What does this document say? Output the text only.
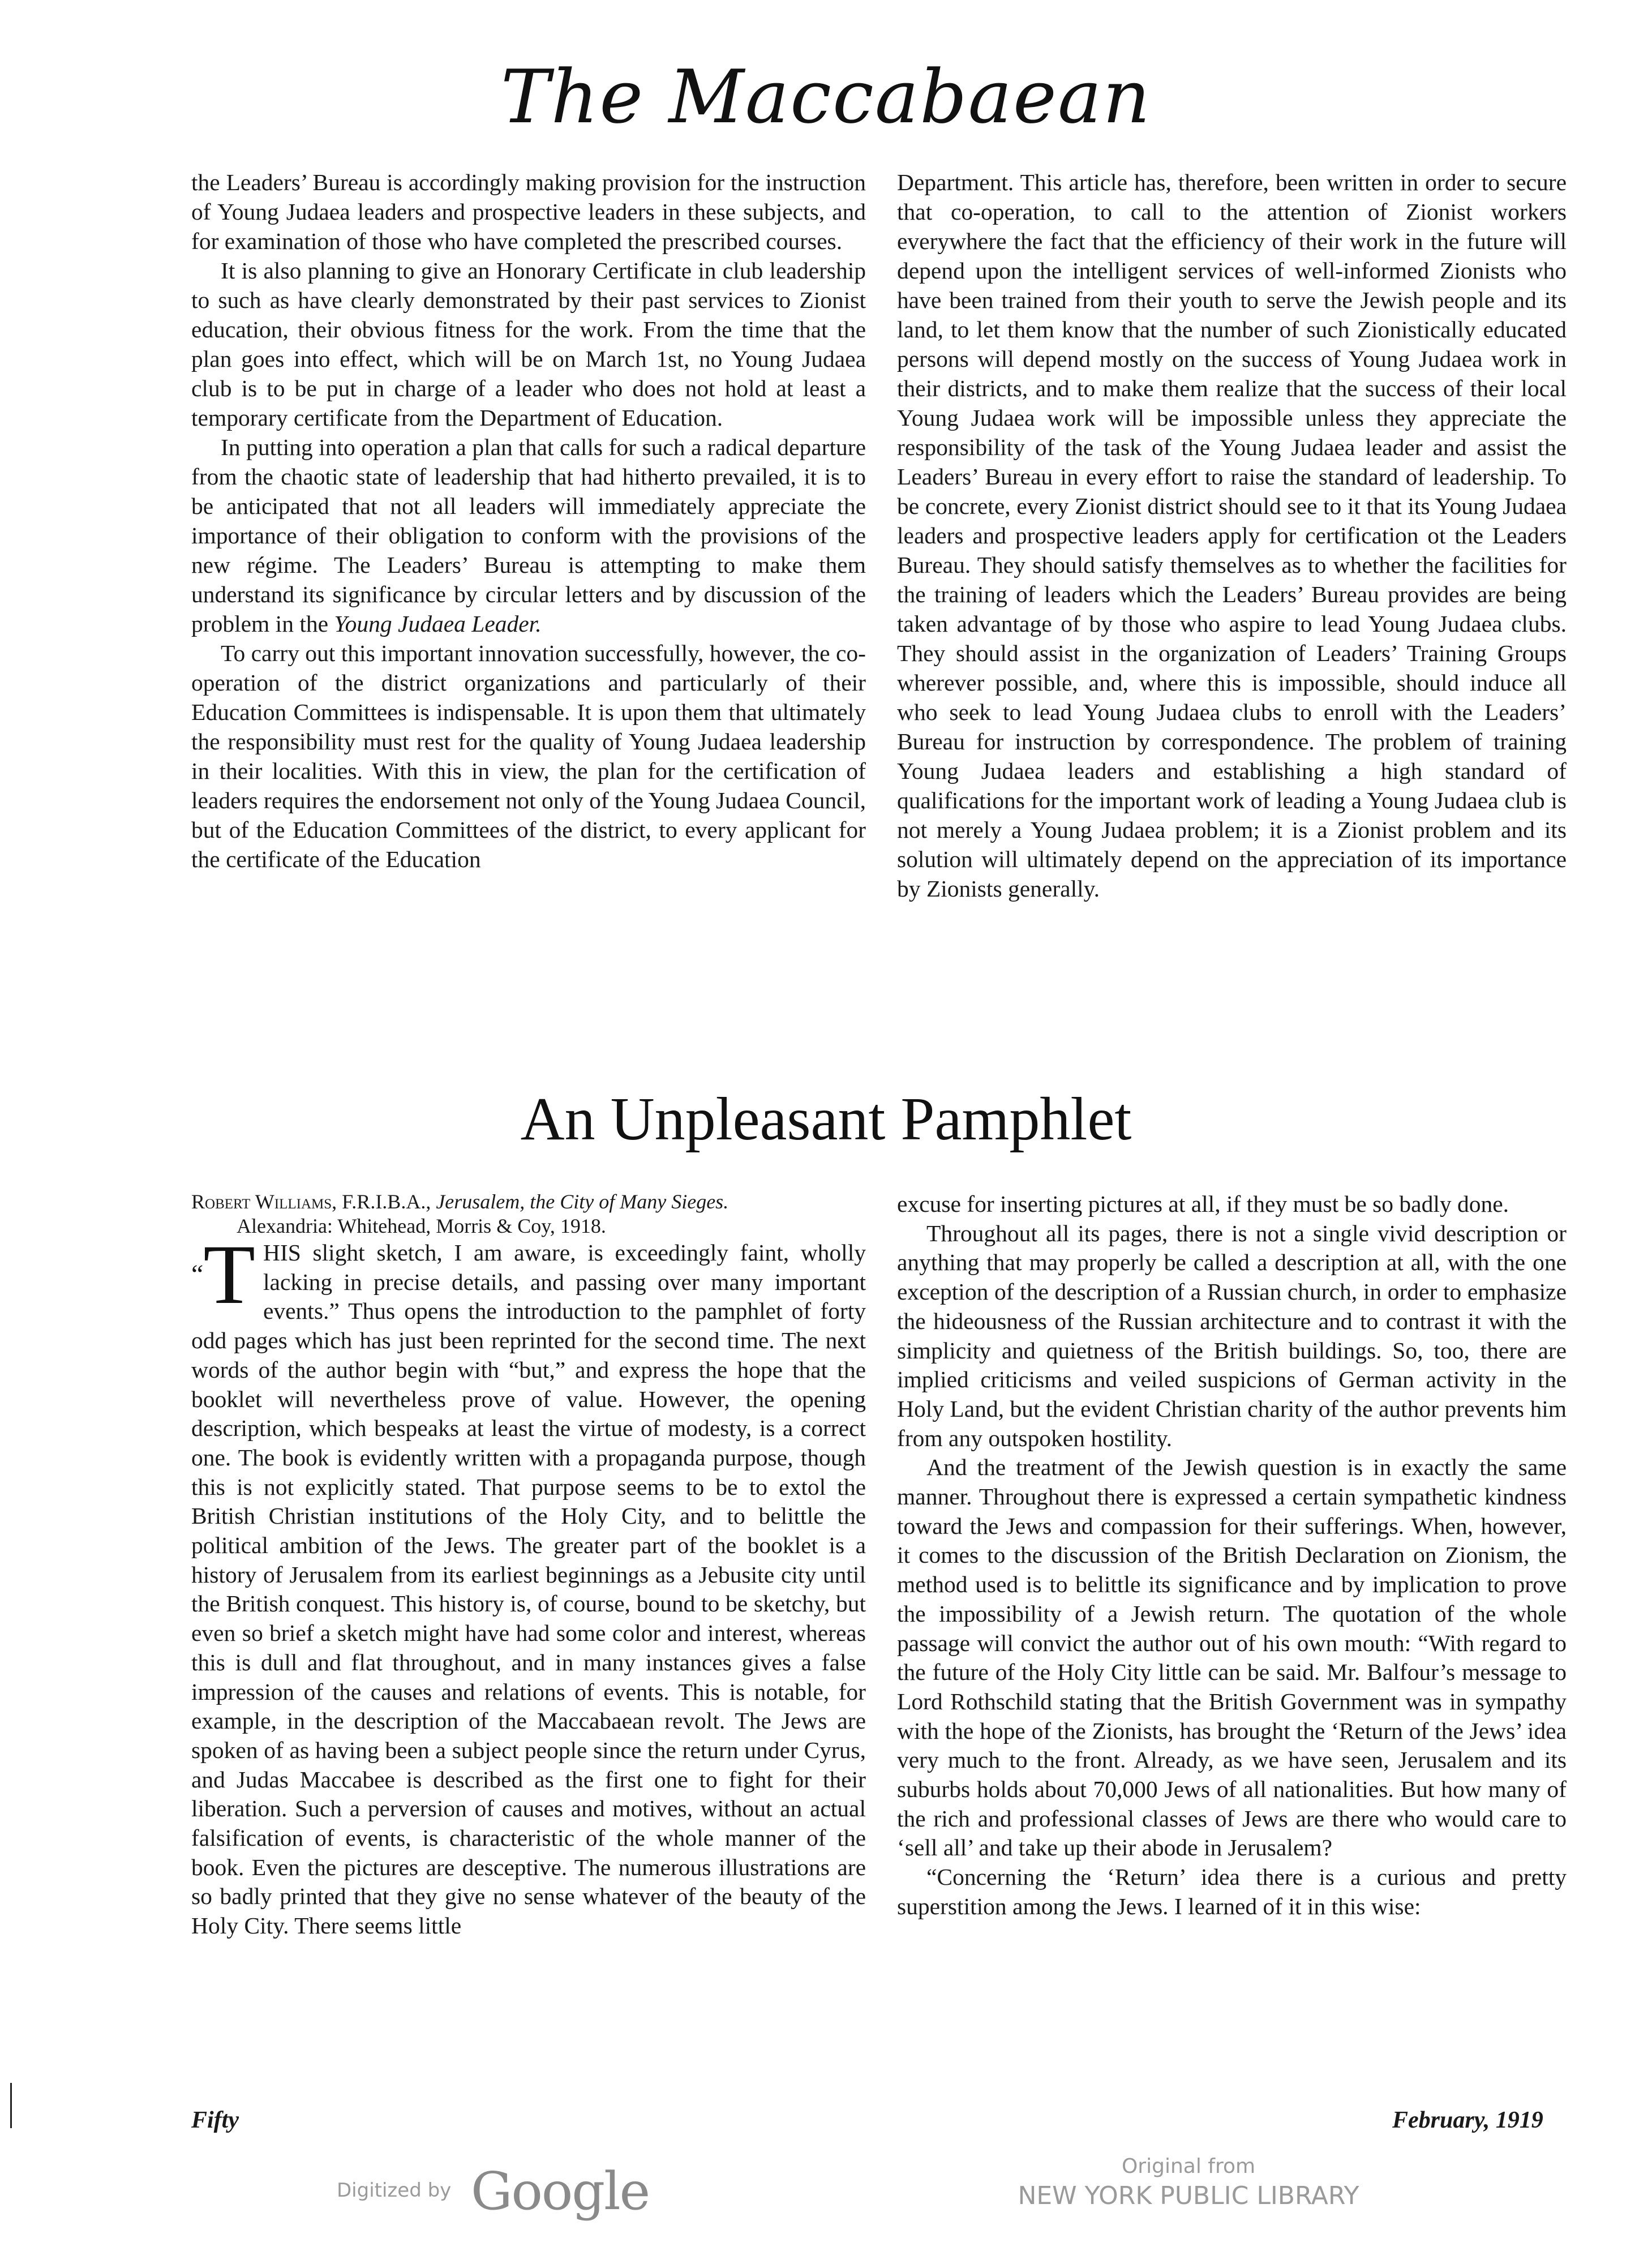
The Maccabaean

the Leaders’ Bureau is accordingly making provision for the instruction of Young Judaea leaders and prospective leaders in these subjects, and for examination of those who have completed the prescribed courses.

It is also planning to give an Honorary Certificate in club leadership to such as have clearly demonstrated by their past services to Zionist education, their obvious fitness for the work. From the time that the plan goes into effect, which will be on March 1st, no Young Judaea club is to be put in charge of a leader who does not hold at least a temporary certificate from the Department of Education.

In putting into operation a plan that calls for such a radical departure from the chaotic state of leadership that had hitherto prevailed, it is to be anticipated that not all leaders will immediately appreciate the importance of their obligation to conform with the provisions of the new régime. The Leaders’ Bureau is attempting to make them understand its significance by circular letters and by discussion of the problem in the Young Judaea Leader.

To carry out this important innovation successfully, however, the co-operation of the district organizations and particularly of their Education Committees is indispensable. It is upon them that ultimately the responsibility must rest for the quality of Young Judaea leadership in their localities. With this in view, the plan for the certification of leaders requires the endorsement not only of the Young Judaea Council, but of the Education Committees of the district, to every applicant for the certificate of the Education

Department. This article has, therefore, been written in order to secure that co-operation, to call to the attention of Zionist workers everywhere the fact that the efficiency of their work in the future will depend upon the intelligent services of well-informed Zionists who have been trained from their youth to serve the Jewish people and its land, to let them know that the number of such Zionistically educated persons will depend mostly on the success of Young Judaea work in their districts, and to make them realize that the success of their local Young Judaea work will be impossible unless they appreciate the responsibility of the task of the Young Judaea leader and assist the Leaders’ Bureau in every effort to raise the standard of leadership. To be concrete, every Zionist district should see to it that its Young Judaea leaders and prospective leaders apply for certification ot the Leaders Bureau. They should satisfy themselves as to whether the facilities for the training of leaders which the Leaders’ Bureau provides are being taken advantage of by those who aspire to lead Young Judaea clubs. They should assist in the organization of Leaders’ Training Groups wherever possible, and, where this is impossible, should induce all who seek to lead Young Judaea clubs to enroll with the Leaders’ Bureau for instruction by correspondence. The problem of training Young Judaea leaders and establishing a high standard of qualifications for the important work of leading a Young Judaea club is not merely a Young Judaea problem; it is a Zionist problem and its solution will ultimately depend on the appreciation of its importance by Zionists generally.

An Unpleasant Pamphlet
Robert Williams, F.R.I.B.A., Jerusalem, the City of Many Sieges.
Alexandria: Whitehead, Morris & Coy, 1918.

“T HIS slight sketch, I am aware, is exceedingly faint, wholly lacking in precise details, and passing over many important events.” Thus opens the introduction to the pamphlet of forty odd pages which has just been reprinted for the second time. The next words of the author begin with “but,” and express the hope that the booklet will nevertheless prove of value. However, the opening description, which bespeaks at least the virtue of modesty, is a correct one. The book is evidently written with a propaganda purpose, though this is not explicitly stated. That purpose seems to be to extol the British Christian institutions of the Holy City, and to belittle the political ambition of the Jews. The greater part of the booklet is a history of Jerusalem from its earliest beginnings as a Jebusite city until the British conquest. This history is, of course, bound to be sketchy, but even so brief a sketch might have had some color and interest, whereas this is dull and flat throughout, and in many instances gives a false impression of the causes and relations of events. This is notable, for example, in the description of the Maccabaean revolt. The Jews are spoken of as having been a subject people since the return under Cyrus, and Judas Maccabee is described as the first one to fight for their liberation. Such a perversion of causes and motives, without an actual falsification of events, is characteristic of the whole manner of the book. Even the pictures are desceptive. The numerous illustrations are so badly printed that they give no sense whatever of the beauty of the Holy City. There seems little

excuse for inserting pictures at all, if they must be so badly done.

Throughout all its pages, there is not a single vivid description or anything that may properly be called a description at all, with the one exception of the description of a Russian church, in order to emphasize the hideousness of the Russian architecture and to contrast it with the simplicity and quietness of the British buildings. So, too, there are implied criticisms and veiled suspicions of German activity in the Holy Land, but the evident Christian charity of the author prevents him from any outspoken hostility.

And the treatment of the Jewish question is in exactly the same manner. Throughout there is expressed a certain sympathetic kindness toward the Jews and compassion for their sufferings. When, however, it comes to the discussion of the British Declaration on Zionism, the method used is to belittle its significance and by implication to prove the impossibility of a Jewish return. The quotation of the whole passage will convict the author out of his own mouth: “With regard to the future of the Holy City little can be said. Mr. Balfour’s message to Lord Rothschild stating that the British Government was in sympathy with the hope of the Zionists, has brought the ‘Return of the Jews’ idea very much to the front. Already, as we have seen, Jerusalem and its suburbs holds about 70,000 Jews of all nationalities. But how many of the rich and professional classes of Jews are there who would care to ‘sell all’ and take up their abode in Jerusalem?

“Concerning the ‘Return’ idea there is a curious and pretty superstition among the Jews. I learned of it in this wise:

Fifty	February, 1919
Digitized by Google	Original from
NEW YORK PUBLIC LIBRARY
